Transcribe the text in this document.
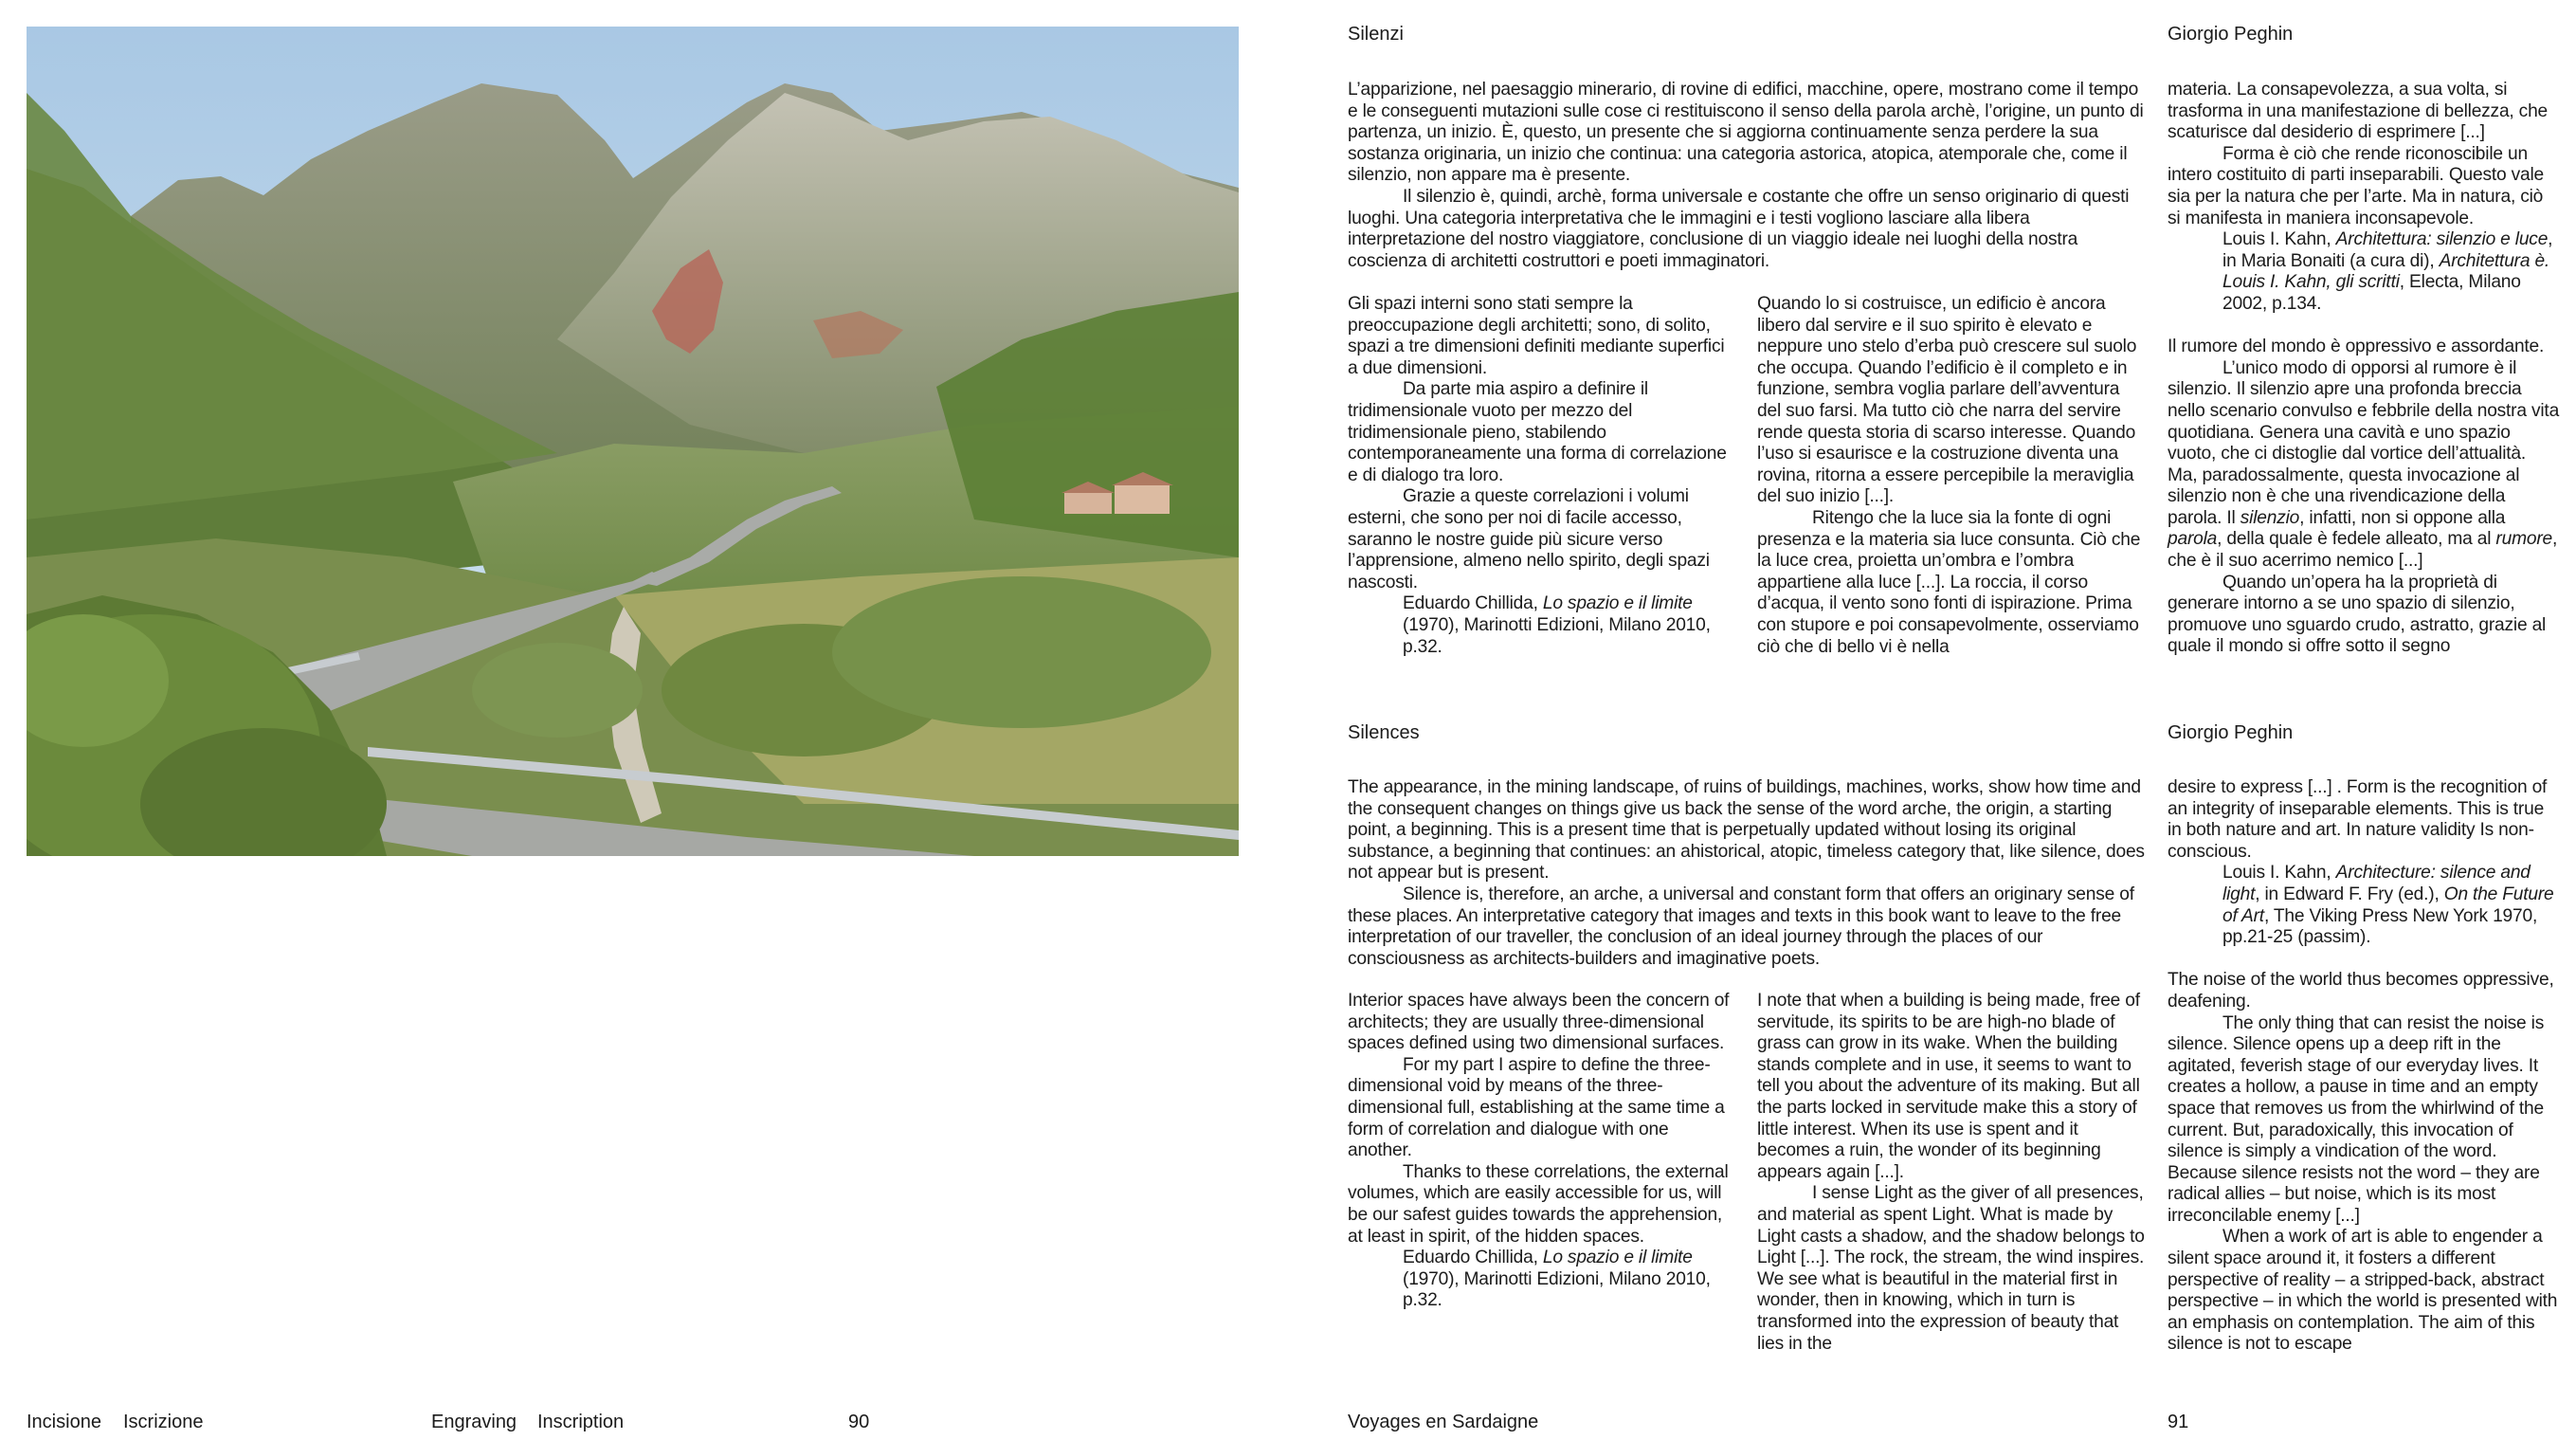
Silenzi	Giorgio Peghin

L’apparizione, nel paesaggio minerario, di rovine di edifici, macchine, opere, mostrano come il tempo e le conseguenti mutazioni sulle cose ci restituiscono il senso della parola archè, l’origine, un punto di partenza, un inizio. È, questo, un presente che si aggiorna continuamente senza perdere la sua sostanza originaria, un inizio che continua: una categoria astorica, atopica, atemporale che, come il silenzio, non appare ma è presente.

Il silenzio è, quindi, archè, forma universale e costante che offre un senso originario di questi luoghi. Una categoria interpretativa che le immagini e i testi vogliono lasciare alla libera interpretazione del nostro viaggiatore, conclusione di un viaggio ideale nei luoghi della nostra coscienza di architetti costruttori e poeti immaginatori.

Gli spazi interni sono stati sempre la preoccupazione degli architetti; sono, di solito, spazi a tre dimensioni definiti mediante superfici a due dimensioni.

Da parte mia aspiro a definire il tridimensionale vuoto per mezzo del tridimensionale pieno, stabilendo contemporaneamente una forma di correlazione e di dialogo tra loro.

Grazie a queste correlazioni i volumi esterni, che sono per noi di facile accesso, saranno le nostre guide più sicure verso l’apprensione, almeno nello spirito, degli spazi nascosti.

Eduardo Chillida, Lo spazio e il limite (1970), Marinotti Edizioni, Milano 2010, p.32.

Quando lo si costruisce, un edificio è ancora libero dal servire e il suo spirito è elevato e neppure uno stelo d’erba può crescere sul suolo che occupa. Quando l’edificio è il completo e in funzione, sembra voglia parlare dell’avventura del suo farsi. Ma tutto ciò che narra del servire rende questa storia di scarso interesse. Quando l’uso si esaurisce e la costruzione diventa una rovina, ritorna a essere percepibile la meraviglia del suo inizio [...].

Ritengo che la luce sia la fonte di ogni presenza e la materia sia luce consunta. Ciò che la luce crea, proietta un’ombra e l’ombra appartiene alla luce [...]. La roccia, il corso d’acqua, il vento sono fonti di ispirazione. Prima con stupore e poi consapevolmente, osserviamo ciò che di bello vi è nella

materia. La consapevolezza, a sua volta, si trasforma in una manifestazione di bellezza, che scaturisce dal desiderio di esprimere [...]

Forma è ciò che rende riconoscibile un intero costituito di parti inseparabili. Questo vale sia per la natura che per l’arte. Ma in natura, ciò si manifesta in maniera inconsapevole.

Louis I. Kahn, Architettura: silenzio e luce, in Maria Bonaiti (a cura di), Architettura è. Louis I. Kahn, gli scritti, Electa, Milano 2002, p.134.

Il rumore del mondo è oppressivo e assordante.

L’unico modo di opporsi al rumore è il silenzio. Il silenzio apre una profonda breccia nello scenario convulso e febbrile della nostra vita quotidiana. Genera una cavità e uno spazio vuoto, che ci distoglie dal vortice dell’attualità. Ma, paradossalmente, questa invocazione al silenzio non è che una rivendicazione della parola. Il silenzio, infatti, non si oppone alla parola, della quale è fedele alleato, ma al rumore, che è il suo acerrimo nemico [...]

Quando un’opera ha la proprietà di generare intorno a se uno spazio di silenzio, promuove uno sguardo crudo, astratto, grazie al quale il mondo si offre sotto il segno

Silences	Giorgio Peghin

The appearance, in the mining landscape, of ruins of buildings, machines, works, show how time and the consequent changes on things give us back the sense of the word arche, the origin, a starting point, a beginning. This is a present time that is perpetually updated without losing its original substance, a beginning that continues: an ahistorical, atopic, timeless category that, like silence, does not appear but is present.

Silence is, therefore, an arche, a universal and constant form that offers an originary sense of these places. An interpretative category that images and texts in this book want to leave to the free interpretation of our traveller, the conclusion of an ideal journey through the places of our consciousness as architects-builders and imaginative poets.

Interior spaces have always been the concern of architects; they are usually three-dimensional spaces defined using two dimensional surfaces.

For my part I aspire to define the three-dimensional void by means of the three-dimensional full, establishing at the same time a form of correlation and dialogue with one another.

Thanks to these correlations, the external volumes, which are easily accessible for us, will be our safest guides towards the apprehension, at least in spirit, of the hidden spaces.

Eduardo Chillida, Lo spazio e il limite (1970), Marinotti Edizioni, Milano 2010, p.32.

I note that when a building is being made, free of servitude, its spirits to be are high-no blade of grass can grow in its wake. When the building stands complete and in use, it seems to want to tell you about the adventure of its making. But all the parts locked in servitude make this a story of little interest. When its use is spent and it becomes a ruin, the wonder of its beginning appears again [...].

I sense Light as the giver of all presences, and material as spent Light. What is made by Light casts a shadow, and the shadow belongs to Light [...]. The rock, the stream, the wind inspires. We see what is beautiful in the material first in wonder, then in knowing, which in turn is transformed into the expression of beauty that lies in the

desire to express [...] . Form is the recognition of an integrity of inseparable elements. This is true in both nature and art. In nature validity Is non-conscious.

Louis I. Kahn, Architecture: silence and light, in Edward F. Fry (ed.), On the Future of Art, The Viking Press New York 1970, pp.21-25 (passim).

The noise of the world thus becomes oppressive, deafening.

The only thing that can resist the noise is silence. Silence opens up a deep rift in the agitated, feverish stage of our everyday lives. It creates a hollow, a pause in time and an empty space that removes us from the whirlwind of the current. But, paradoxically, this invocation of silence is simply a vindication of the word. Because silence resists not the word – they are radical allies – but noise, which is its most irreconcilable enemy [...]

When a work of art is able to engender a silent space around it, it fosters a different perspective of reality – a stripped-back, abstract perspective – in which the world is presented with an emphasis on contemplation. The aim of this silence is not to escape

Incisione Iscrizione	Engraving Inscription	90	Voyages en Sardaigne	91
